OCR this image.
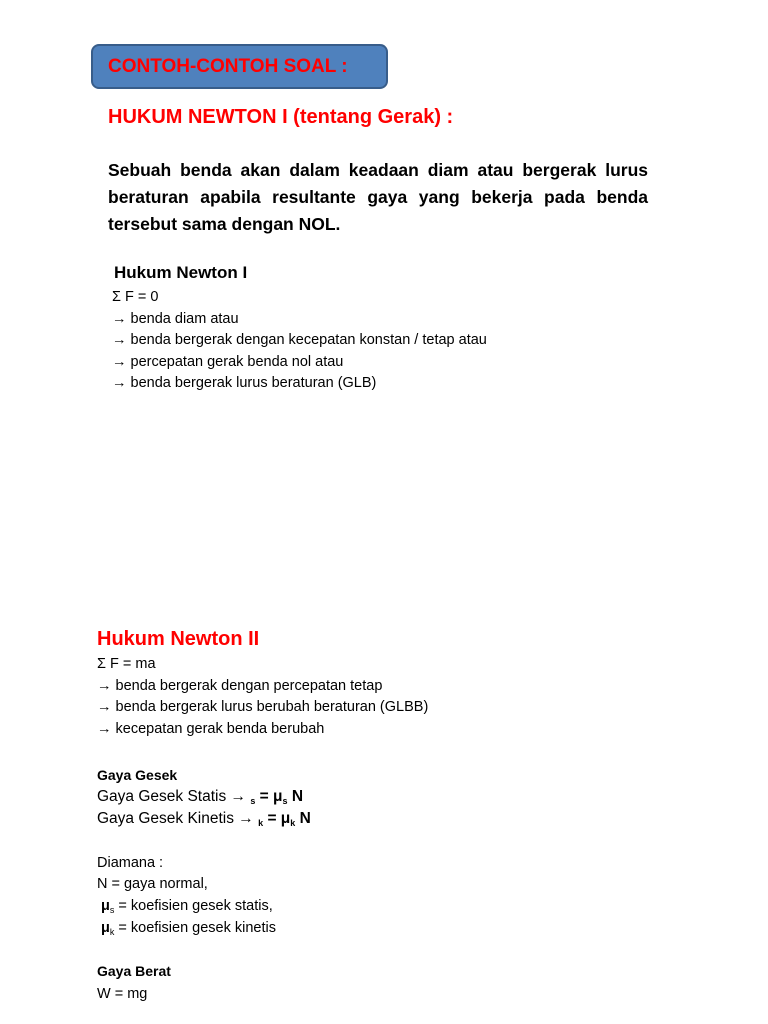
CONTOH-CONTOH SOAL :
HUKUM NEWTON I (tentang Gerak) :

Sebuah benda akan dalam keadaan diam atau bergerak lurus beraturan apabila resultante gaya yang bekerja pada benda tersebut sama dengan NOL.

Hukum Newton I
Σ F = 0
→ benda diam atau
→ benda bergerak dengan kecepatan konstan / tetap atau
→ percepatan gerak benda nol atau
→ benda bergerak lurus beraturan (GLB)
Hukum Newton II
Σ F = ma
→ benda bergerak dengan percepatan tetap
→ benda bergerak lurus berubah beraturan (GLBB)
→ kecepatan gerak benda berubah
Gaya Gesek

Gaya Gesek Statis → $_s = \mu_s$ N

Gaya Gesek Kinetis → $_k = \mu_k$ N

Diamana :

N = gaya normal,

$\mu_s$ = koefisien gesek statis,

$\mu_k$ = koefisien gesek kinetis

Gaya Berat

W = mg
